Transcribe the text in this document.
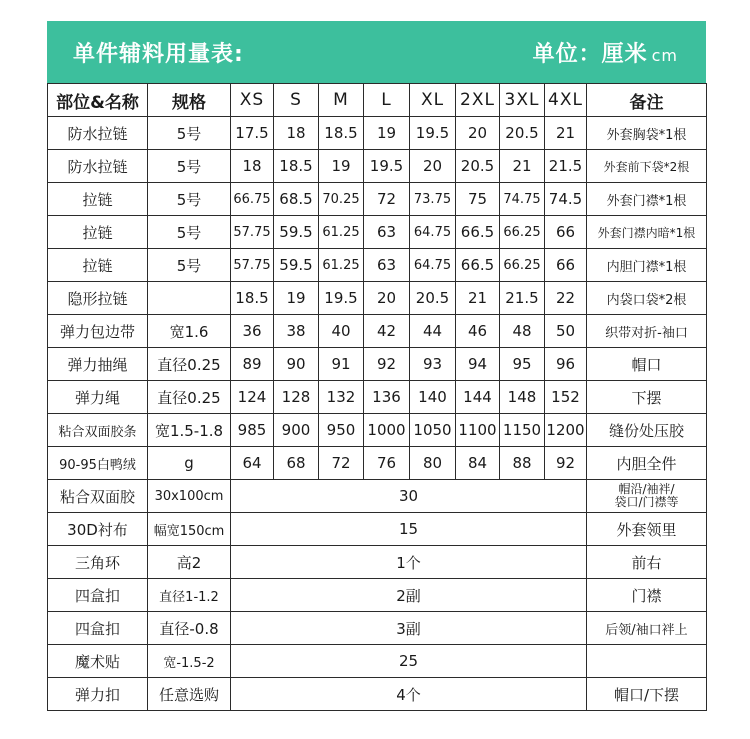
单件辅料用量表:	单位：厘米 cm
部位&名称	规格	XS	S	M	L	XL	2XL	3XL	4XL	备注
防水拉链	5号	17.5	18	18.5	19	19.5	20	20.5	21	外套胸袋*1根
防水拉链	5号	18	18.5	19	19.5	20	20.5	21	21.5	外套前下袋*2根
拉链	5号	66.75	68.5	70.25	72	73.75	75	74.75	74.5	外套门襟*1根
拉链	5号	57.75	59.5	61.25	63	64.75	66.5	66.25	66	外套门襟内暗*1根
拉链	5号	57.75	59.5	61.25	63	64.75	66.5	66.25	66	内胆门襟*1根
隐形拉链		18.5	19	19.5	20	20.5	21	21.5	22	内袋口袋*2根
弹力包边带	宽1.6	36	38	40	42	44	46	48	50	织带对折-袖口
弹力抽绳	直径0.25	89	90	91	92	93	94	95	96	帽口
弹力绳	直径0.25	124	128	132	136	140	144	148	152	下摆
粘合双面胶条	宽1.5-1.8	985	900	950	1000	1050	1100	1150	1200	缝份处压胶
90-95白鸭绒	g	64	68	72	76	80	84	88	92	内胆全件
粘合双面胶	30x100cm	30								帽沿/袖袢/
袋口/门襟等

30D衬布	幅宽150cm	15								外套领里
三角环	高2	1个								前右
四盒扣	直径1-1.2	2副								门襟
四盒扣	直径-0.8	3副								后领/袖口袢上
魔术贴	宽-1.5-2	25								
弹力扣	任意选购	4个								帽口/下摆
